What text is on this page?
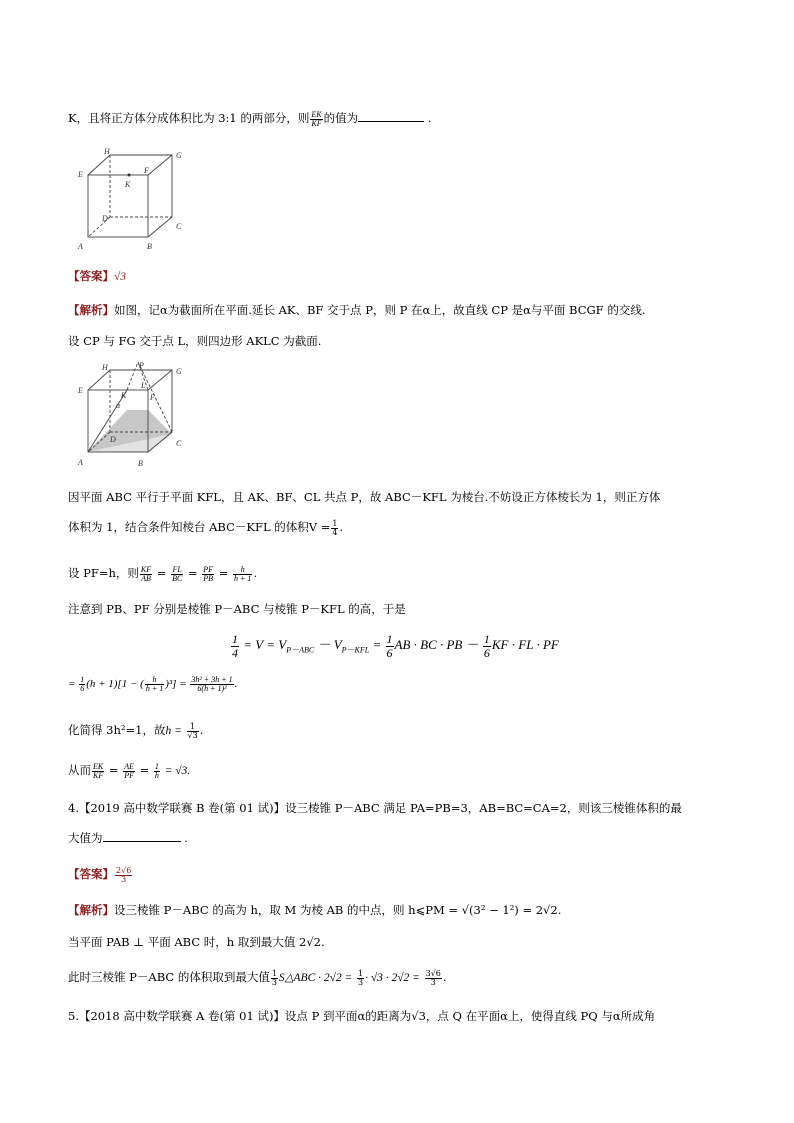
K，且将正方体分成体积比为 3:1 的两部分，则 $\frac{EK}{KF}$ 的值为	.
H	G
E	F
K
D
C
A	B
【答案】√3
【解析】如图，记α为截面所在平面.延长 AK、BF 交于点 P，则 P 在α上，故直线 CP 是α与平面 BCGF 的交线.
设 CP 与 FG 交于点 L，则四边形 AKLC 为截面.
P
H	G
E
K	F
L
α
D	C
A	B
因平面 ABC 平行于平面 KFL，且 AK、BF、CL 共点 P，故 ABC－KFL 为棱台.不妨设正方体棱长为 1，则正方体
体积为 1，结合条件知棱台 ABC－KFL 的体积$V = \frac{1}{4}$ .
设 PF=h，则 $\frac{KF}{AB} = \frac{FL}{BC} = \frac{PF}{PB} = \frac{h}{h + 1}$ .
注意到 PB、PF 分别是棱锥 P－ABC 与棱锥 P－KFL 的高，于是
$\frac{1}{4} = V = V_{P-ABC} - V_{P-KFL} = \frac{1}{6}$ AB · BC · PB － $\frac{1}{6}$ KF · FL · PF
= $\frac{1}{6} (h + 1)[1$ − ( $\frac{h}{h + 1} )^3] = \frac{\text{3h² + 3h + 1}}{\text{6(h + 1)²}}$ .
化简得 3h²=1，故$h = \frac{1}{√3}$ .
从而 $\frac{EK}{KF} = \frac{AE}{PF} = \frac{1}{h} = √3$.
4.【2019 高中数学联赛 B 卷(第 01 试)】设三棱锥 P－ABC 满足 PA=PB=3，AB=BC=CA=2，则该三棱锥体积的最
大值为	.
【答案】 $\frac{2√6}{3}$
【解析】设三棱锥 P－ABC 的高为 h，取 M 为棱 AB 的中点，则 h⩽PM = √(3² − 1²) = 2√2.
当平面 PAB ⊥ 平面 ABC 时，h 取到最大值 2√2.
此时三棱锥 P－ABC 的体积取到最大值 $\frac{1}{3}$ S△ABC · $2√2 = \frac{1}{3} \cdot √3 \cdot 2√2 = \frac{3√6}{3}$ .
5.【2018 高中数学联赛 A 卷(第 01 试)】设点 P 到平面α的距离为√3，点 Q 在平面α上，使得直线 PQ 与α所成角
